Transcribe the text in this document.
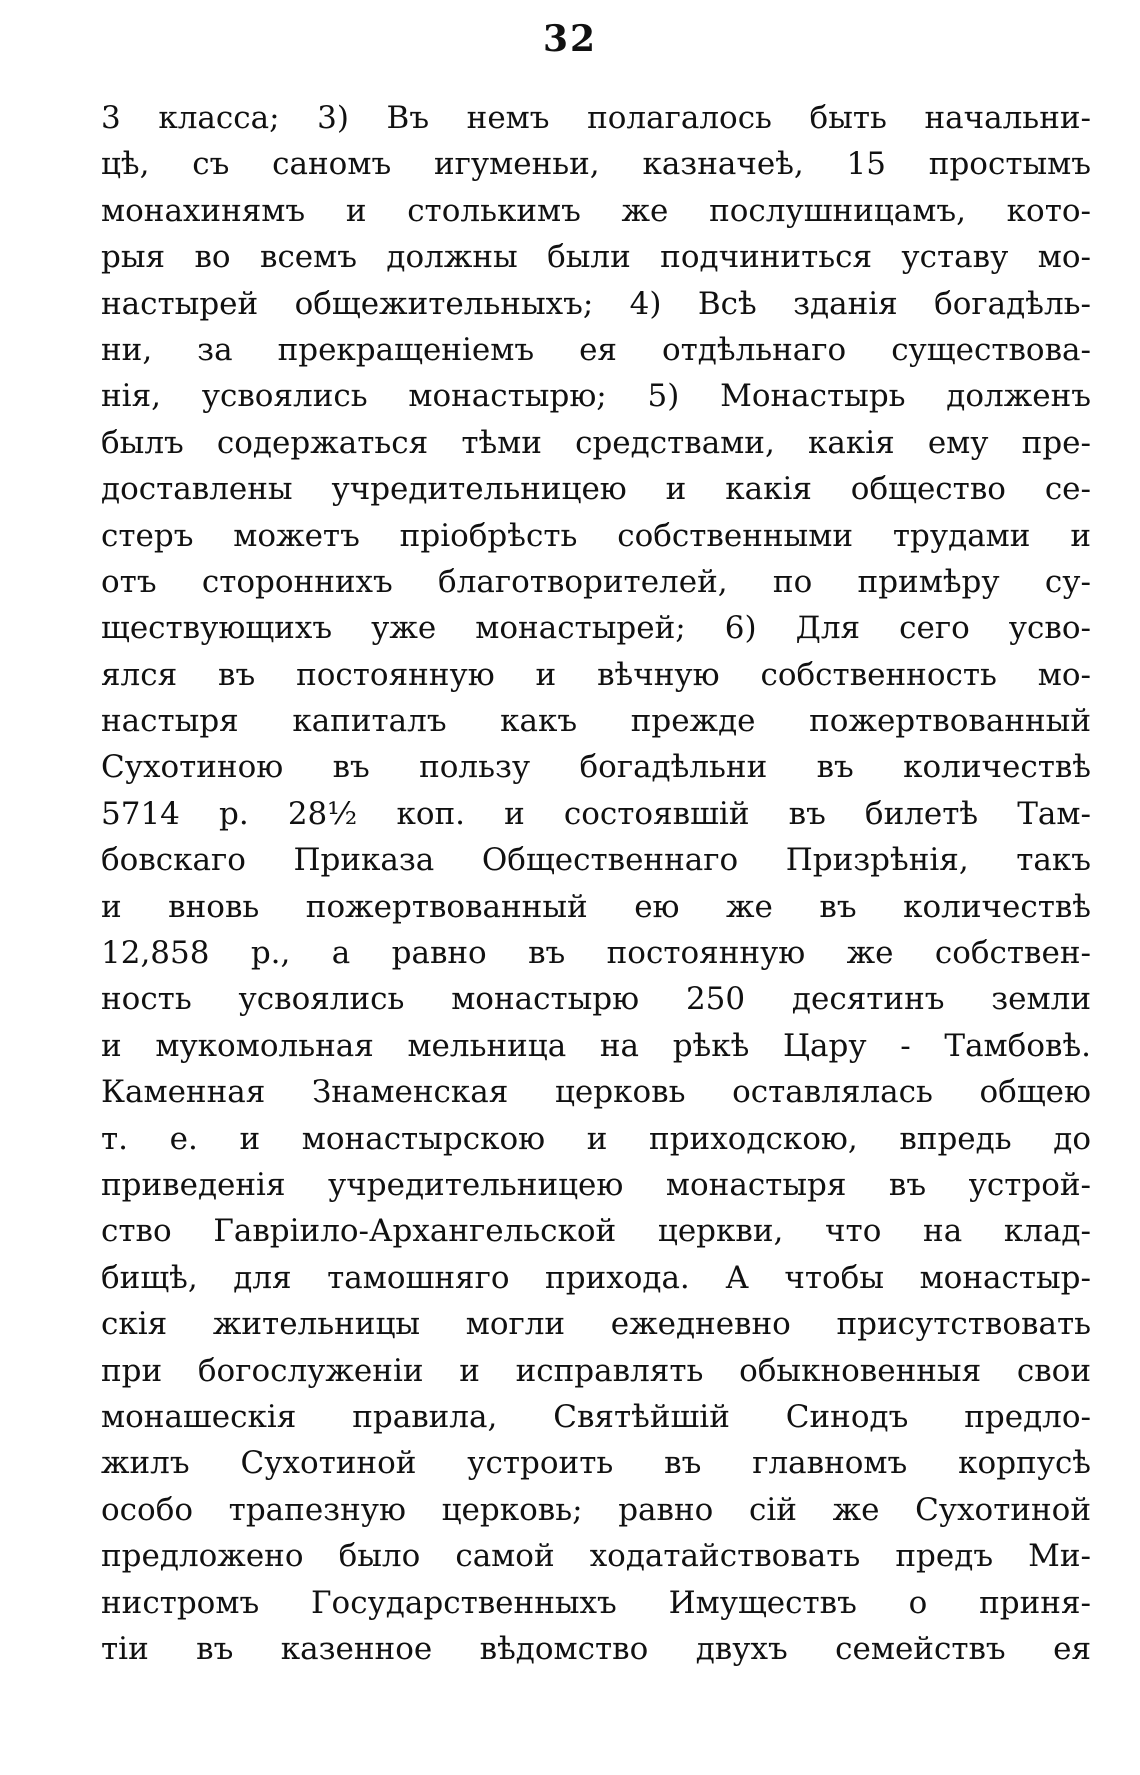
32
3 класса; 3) Въ немъ полагалось быть начальни-
цѣ, съ саномъ игуменьи, казначеѣ, 15 простымъ
монахинямъ и столькимъ же послушницамъ, кото-
рыя во всемъ должны были подчиниться уставу мо-
настырей общежительныхъ; 4) Всѣ зданія богадѣль-
ни, за прекращеніемъ ея отдѣльнаго существова-
нія, усвоялись монастырю; 5) Монастырь долженъ
былъ содержаться тѣми средствами, какія ему пре-
доставлены учредительницею и какія общество се-
стеръ можетъ пріобрѣсть собственными трудами и
отъ стороннихъ благотворителей, по примѣру су-
ществующихъ уже монастырей; 6) Для сего усво-
ялся въ постоянную и вѣчную собственность мо-
настыря капиталъ какъ прежде пожертвованный
Сухотиною въ пользу богадѣльни въ количествѣ
5714 р. 28½ коп. и состоявшій въ билетѣ Там-
бовскаго Приказа Общественнаго Призрѣнія, такъ
и вновь пожертвованный ею же въ количествѣ
12,858 р., а равно въ постоянную же собствен-
ность усвоялись монастырю 250 десятинъ земли
и мукомольная мельница на рѣкѣ Цару - Тамбовѣ.
Каменная Знаменская церковь оставлялась общею
т. е. и монастырскою и приходскою, впредь до
приведенія учредительницею монастыря въ устрой-
ство Гавріило-Архангельской церкви, что на клад-
бищѣ, для тамошняго прихода. А чтобы монастыр-
скія жительницы могли ежедневно присутствовать
при богослуженіи и исправлять обыкновенныя свои
монашескія правила, Святѣйшій Синодъ предло-
жилъ Сухотиной устроить въ главномъ корпусѣ
особо трапезную церковь; равно сій же Сухотиной
предложено было самой ходатайствовать предъ Ми-
нистромъ Государственныхъ Имуществъ о приня-
тіи въ казенное вѣдомство двухъ семействъ ея
